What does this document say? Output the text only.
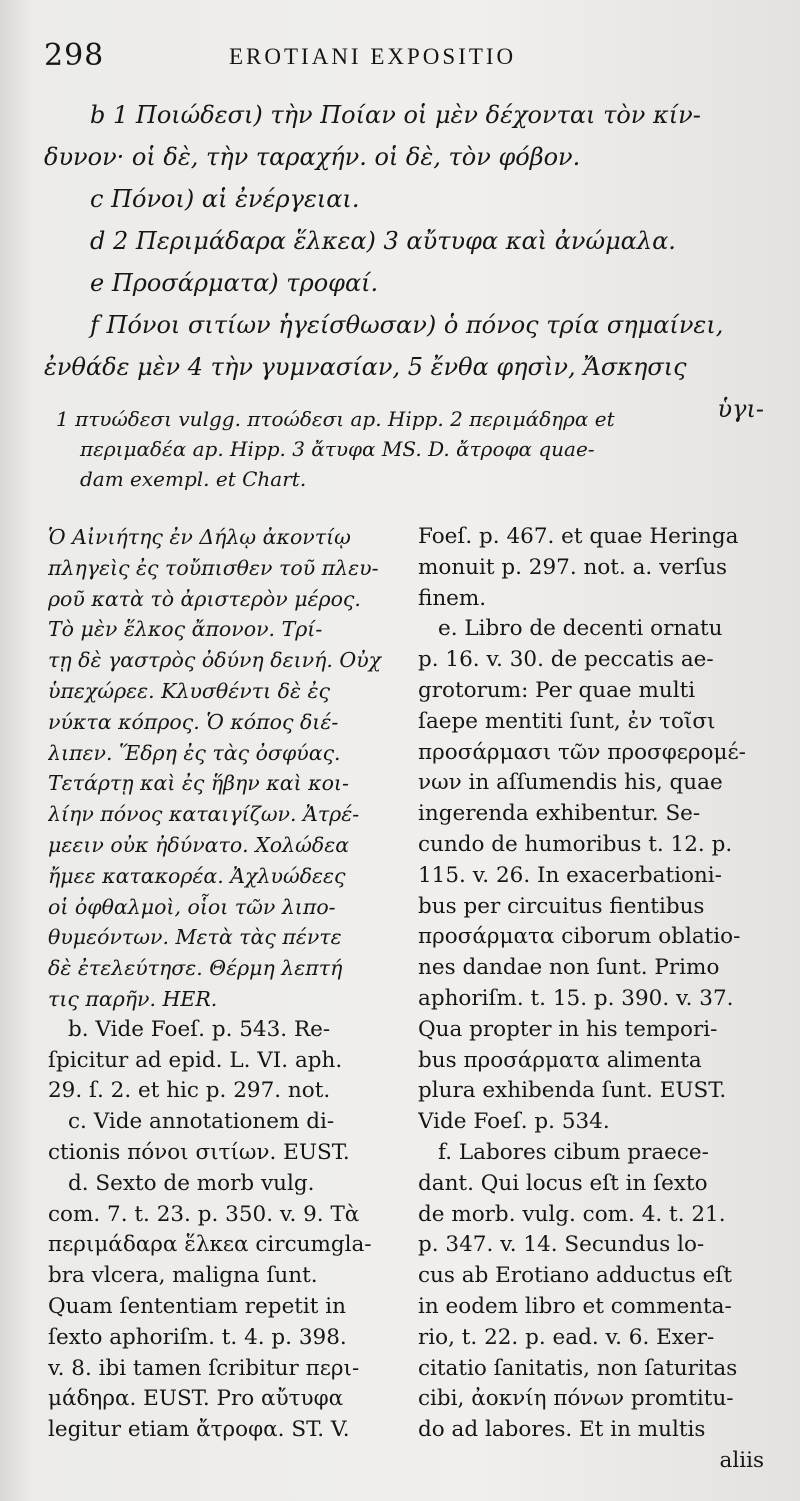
298	EROTIANI EXPOSITIO
b 1 Ποιώδεσι) τὴν Ποίαν οἱ μὲν δέχονται τὸν κίν-
δυνον· οἱ δὲ, τὴν ταραχήν. οἱ δὲ, τὸν φόβον.
c Πόνοι) αἱ ἐνέργειαι.
d 2 Περιμάδαρα ἕλκεα) 3 αὔτυφα καὶ ἀνώμαλα.
e Προσάρματα) τροφαί.
f Πόνοι σιτίων ἡγείσθωσαν) ὁ πόνος τρία σημαίνει,
ἐνθάδε μὲν 4 τὴν γυμνασίαν, 5 ἔνθα φησὶν, Ἄσκησις
ὑγι-
1 πτυώδεσι vulgg. πτοώδεσι ap. Hipp. 2 περιμάδηρα et
περιμαδέα ap. Hipp. 3 ἄτυφα MS. D. ἄτροφα quae-
dam exempl. et Chart.
Ὁ Αἰνιήτης ἐν Δήλῳ ἀκοντίῳ
πληγεὶς ἐς τοὔπισθεν τοῦ πλευ-
ροῦ κατὰ τὸ ἀριστερὸν μέρος.
Τὸ μὲν ἕλκος ἄπονον. Τρί-
τῃ δὲ γαστρὸς ὀδύνη δεινή. Οὐχ
ὑπεχώρεε. Κλυσθέντι δὲ ἐς
νύκτα κόπρος. Ὁ κόπος διέ-
λιπεν. Ἕδρη ἐς τὰς ὀσφύας.
Τετάρτῃ καὶ ἐς ἥβην καὶ κοι-
λίην πόνος καταιγίζων. Ἀτρέ-
μεειν οὐκ ἠδύνατο. Χολώδεα
ἤμεε κατακορέα. Ἀχλυώδεες
οἱ ὀφθαλμοὶ, οἷοι τῶν λιπο-
θυμεόντων. Μετὰ τὰς πέντε
δὲ ἐτελεύτησε. Θέρμη λεπτή
τις παρῆν. HER.
b. Vide Foeſ. p. 543. Re-
ſpicitur ad epid. L. VI. aph.
29. ſ. 2. et hic p. 297. not.
c. Vide annotationem di-
ctionis πόνοι σιτίων. EUST.
d. Sexto de morb vulg.
com. 7. t. 23. p. 350. v. 9. Τὰ
περιμάδαρα ἕλκεα circumgla-
bra vlcera, maligna ſunt.
Quam ſententiam repetit in
ſexto aphoriſm. t. 4. p. 398.
v. 8. ibi tamen ſcribitur περι-
μάδηρα. EUST. Pro αὔτυφα
legitur etiam ἄτροφα. ST. V.
Foeſ. p. 467. et quae Heringa
monuit p. 297. not. a. verſus
finem.
e. Libro de decenti ornatu
p. 16. v. 30. de peccatis ae-
grotorum: Per quae multi
ſaepe mentiti ſunt, ἐν τοῖσι
προσάρμασι τῶν προσφερομέ-
νων in aſſumendis his, quae
ingerenda exhibentur. Se-
cundo de humoribus t. 12. p.
115. v. 26. In exacerbationi-
bus per circuitus fientibus
προσάρματα ciborum oblatio-
nes dandae non ſunt. Primo
aphoriſm. t. 15. p. 390. v. 37.
Qua propter in his tempori-
bus προσάρματα alimenta
plura exhibenda ſunt. EUST.
Vide Foeſ. p. 534.
f. Labores cibum praece-
dant. Qui locus eſt in ſexto
de morb. vulg. com. 4. t. 21.
p. 347. v. 14. Secundus lo-
cus ab Erotiano adductus eſt
in eodem libro et commenta-
rio, t. 22. p. ead. v. 6. Exer-
citatio ſanitatis, non ſaturitas
cibi, ἀοκνίη πόνων promtitu-
do ad labores. Et in multis
aliis
